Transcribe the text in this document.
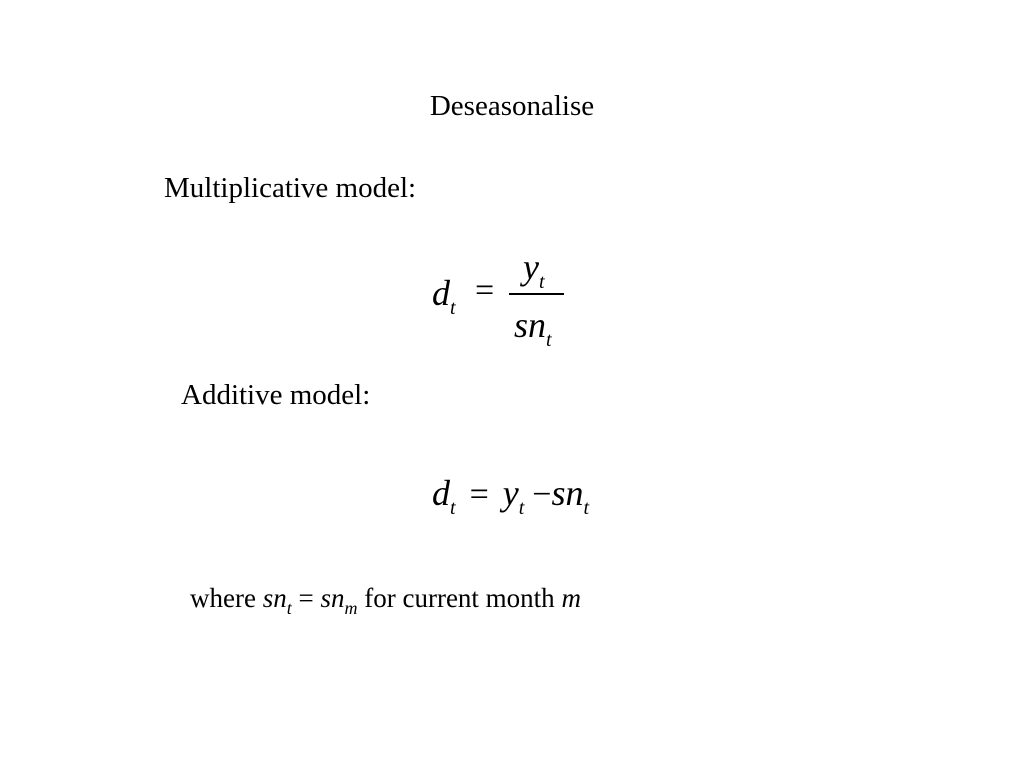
Deseasonalise
Multiplicative model:
$d_t$ =
$y_t$
$sn_t$
Additive model:
$d_t = y_t -sn_t$
where $sn_t = sn_m$ for current month m
